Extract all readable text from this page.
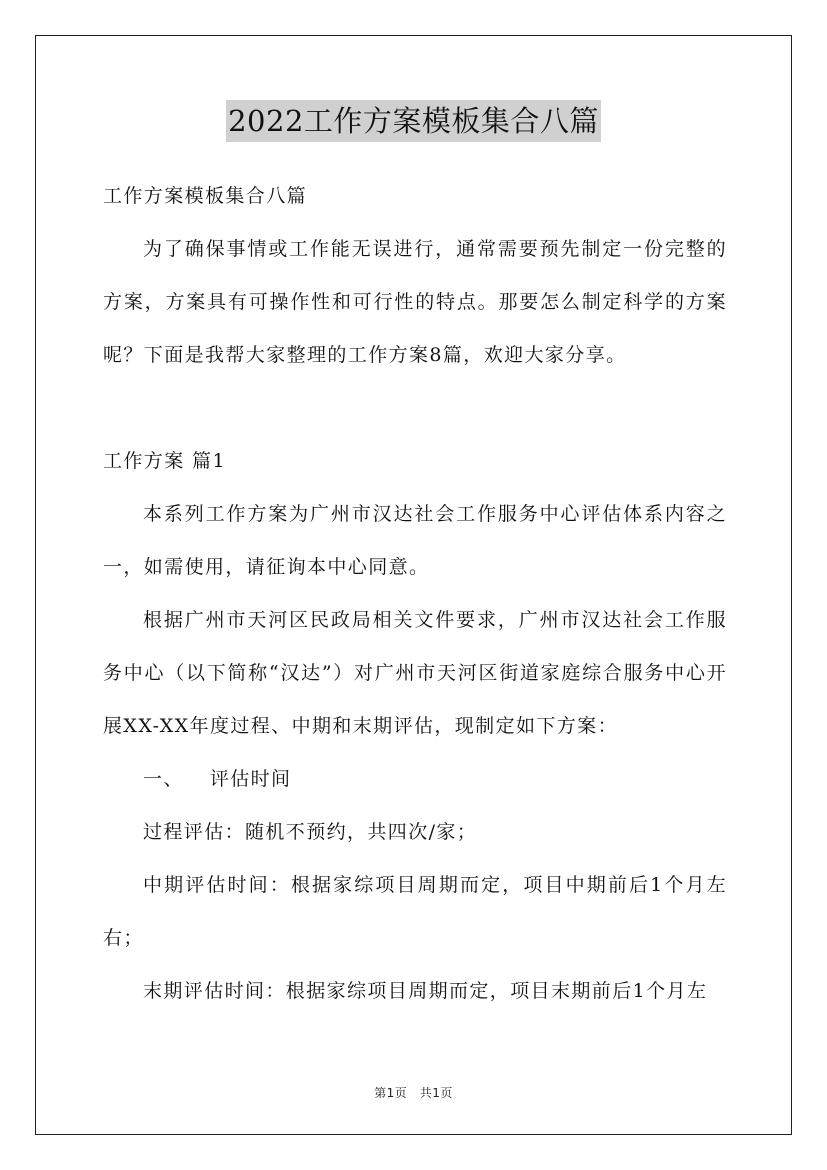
2022工作方案模板集合八篇

工作方案模板集合八篇

为了确保事情或工作能无误进行，通常需要预先制定一份完整的方案，方案具有可操作性和可行性的特点。那要怎么制定科学的方案呢？下面是我帮大家整理的工作方案8篇，欢迎大家分享。

工作方案 篇1

本系列工作方案为广州市汉达社会工作服务中心评估体系内容之一，如需使用，请征询本中心同意。

根据广州市天河区民政局相关文件要求，广州市汉达社会工作服务中心（以下简称“汉达”）对广州市天河区街道家庭综合服务中心开展XX-XX年度过程、中期和末期评估，现制定如下方案：

一、 评估时间

过程评估：随机不预约，共四次/家；

中期评估时间：根据家综项目周期而定，项目中期前后1个月左右；

末期评估时间：根据家综项目周期而定，项目末期前后1个月左

第1页　共1页
